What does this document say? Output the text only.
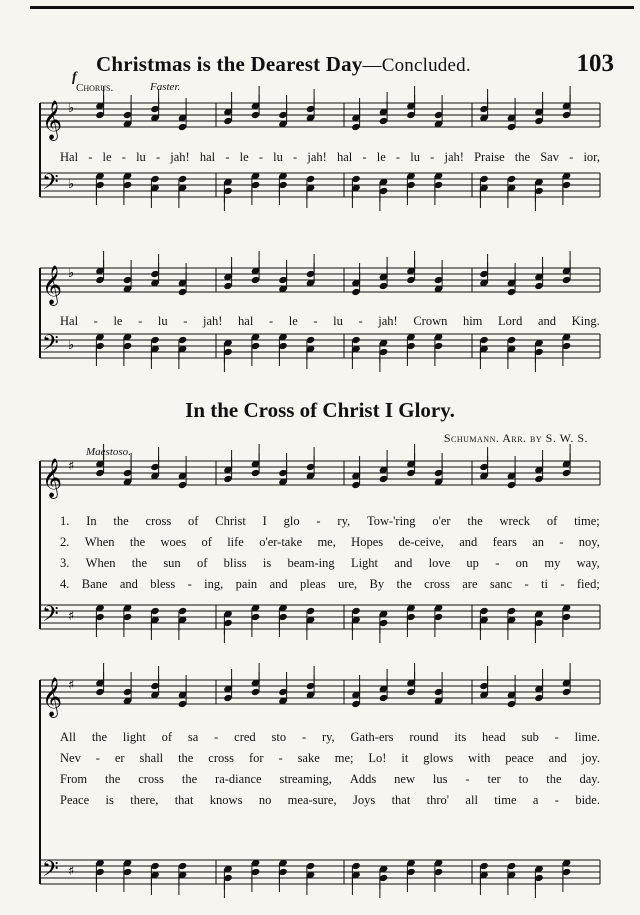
Christmas is the Dearest Day—Concluded.	103
f
Chorus.	Faster.
𝄞
𝄢
♭
♭
Hal - le - lu - jah! hal - le - lu - jah! hal - le - lu - jah! Praise the Sav - ior,
𝄞
𝄢
♭
♭
Hal - le - lu - jah! hal - le - lu - jah! Crown him Lord and King.
In the Cross of Christ I Glory.
Schumann. Arr. by S. W. S.
Maestoso.
𝄞
𝄢
♯
♯
1. In the cross of Christ I glo - ry, Tow-'ring o'er the wreck of time;
2. When the woes of life o'er-take me, Hopes de-ceive, and fears an - noy,
3. When the sun of bliss is beam-ing Light and love up - on my way,
4. Bane and bless - ing, pain and pleas ure, By the cross are sanc - ti - fied;
𝄞
𝄢
♯
♯
All the light of sa - cred sto - ry, Gath-ers round its head sub - lime.
Nev - er shall the cross for - sake me; Lo! it glows with peace and joy.
From the cross the ra-diance streaming, Adds new lus - ter to the day.
Peace is there, that knows no mea-sure, Joys that thro' all time a - bide.
